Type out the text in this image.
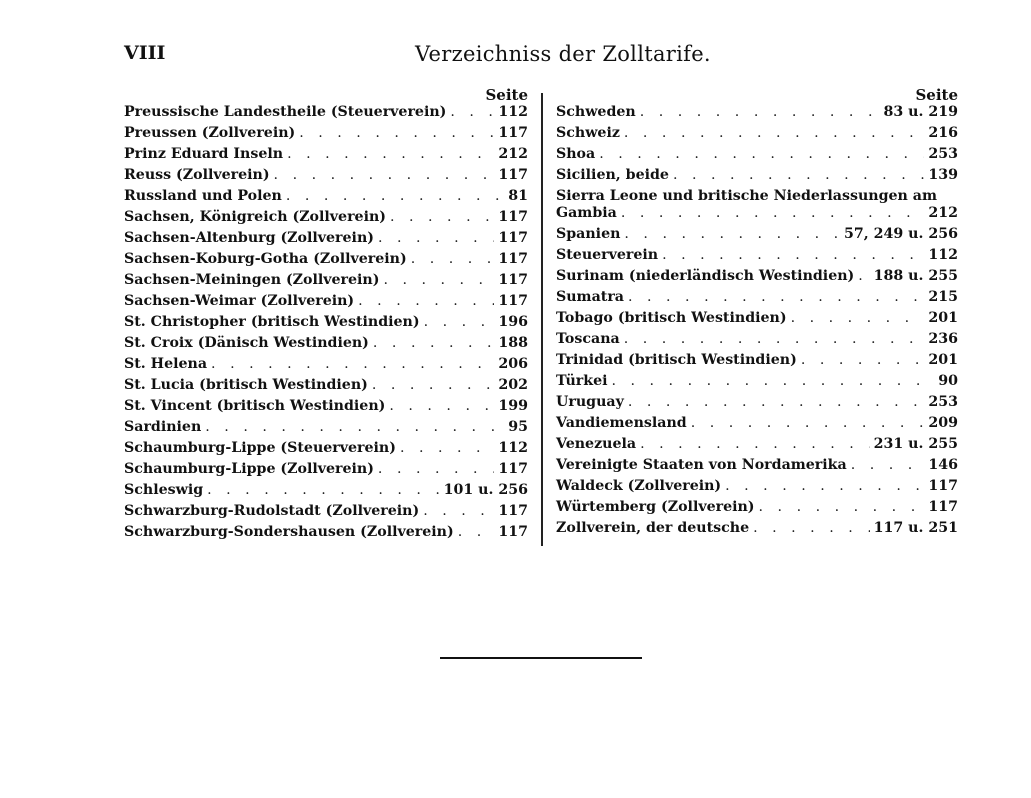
VIII	Verzeichniss der Zolltarife.
Seite
Preussische Landestheile (Steuerverein) . . .	112
Preussen (Zollverein) . . .	117
Prinz Eduard Inseln . . .	212
Reuss (Zollverein) . . .	117
Russland und Polen . . .	81
Sachsen, Königreich (Zollverein) . . .	117
Sachsen-Altenburg (Zollverein) . . .	117
Sachsen-Koburg-Gotha (Zollverein) . . .	117
Sachsen-Meiningen (Zollverein) . . .	117
Sachsen-Weimar (Zollverein) . . .	117
St. Christopher (britisch Westindien) . . .	196
St. Croix (Dänisch Westindien) . . .	188
St. Helena . . .	206
St. Lucia (britisch Westindien) . . .	202
St. Vincent (britisch Westindien) . . .	199
Sardinien . . .	95
Schaumburg-Lippe (Steuerverein) . . .	112
Schaumburg-Lippe (Zollverein) . . .	117
Schleswig . . .	101 u. 256
Schwarzburg-Rudolstadt (Zollverein) . . .	117
Schwarzburg-Sondershausen (Zollverein) . . .	117
Seite
Schweden . . .	83 u. 219
Schweiz . . .	216
Shoa . . .	253
Sicilien, beide . . .	139
Sierra Leone und britische Niederlassungen am
Gambia . . .	212
Spanien . . .	57, 249 u. 256
Steuerverein . . .	112
Surinam (niederländisch Westindien) . . . 188 u. 255
Sumatra . . .	215
Tobago (britisch Westindien) . . .	201
Toscana . . .	236
Trinidad (britisch Westindien) . . .	201
Türkei . . .	90
Uruguay . . .	253
Vandiemensland . . .	209
Venezuela . . .	231 u. 255
Vereinigte Staaten von Nordamerika . . .	146
Waldeck (Zollverein) . . .	117
Würtemberg (Zollverein) . . .	117
Zollverein, der deutsche . . .	117 u. 251
